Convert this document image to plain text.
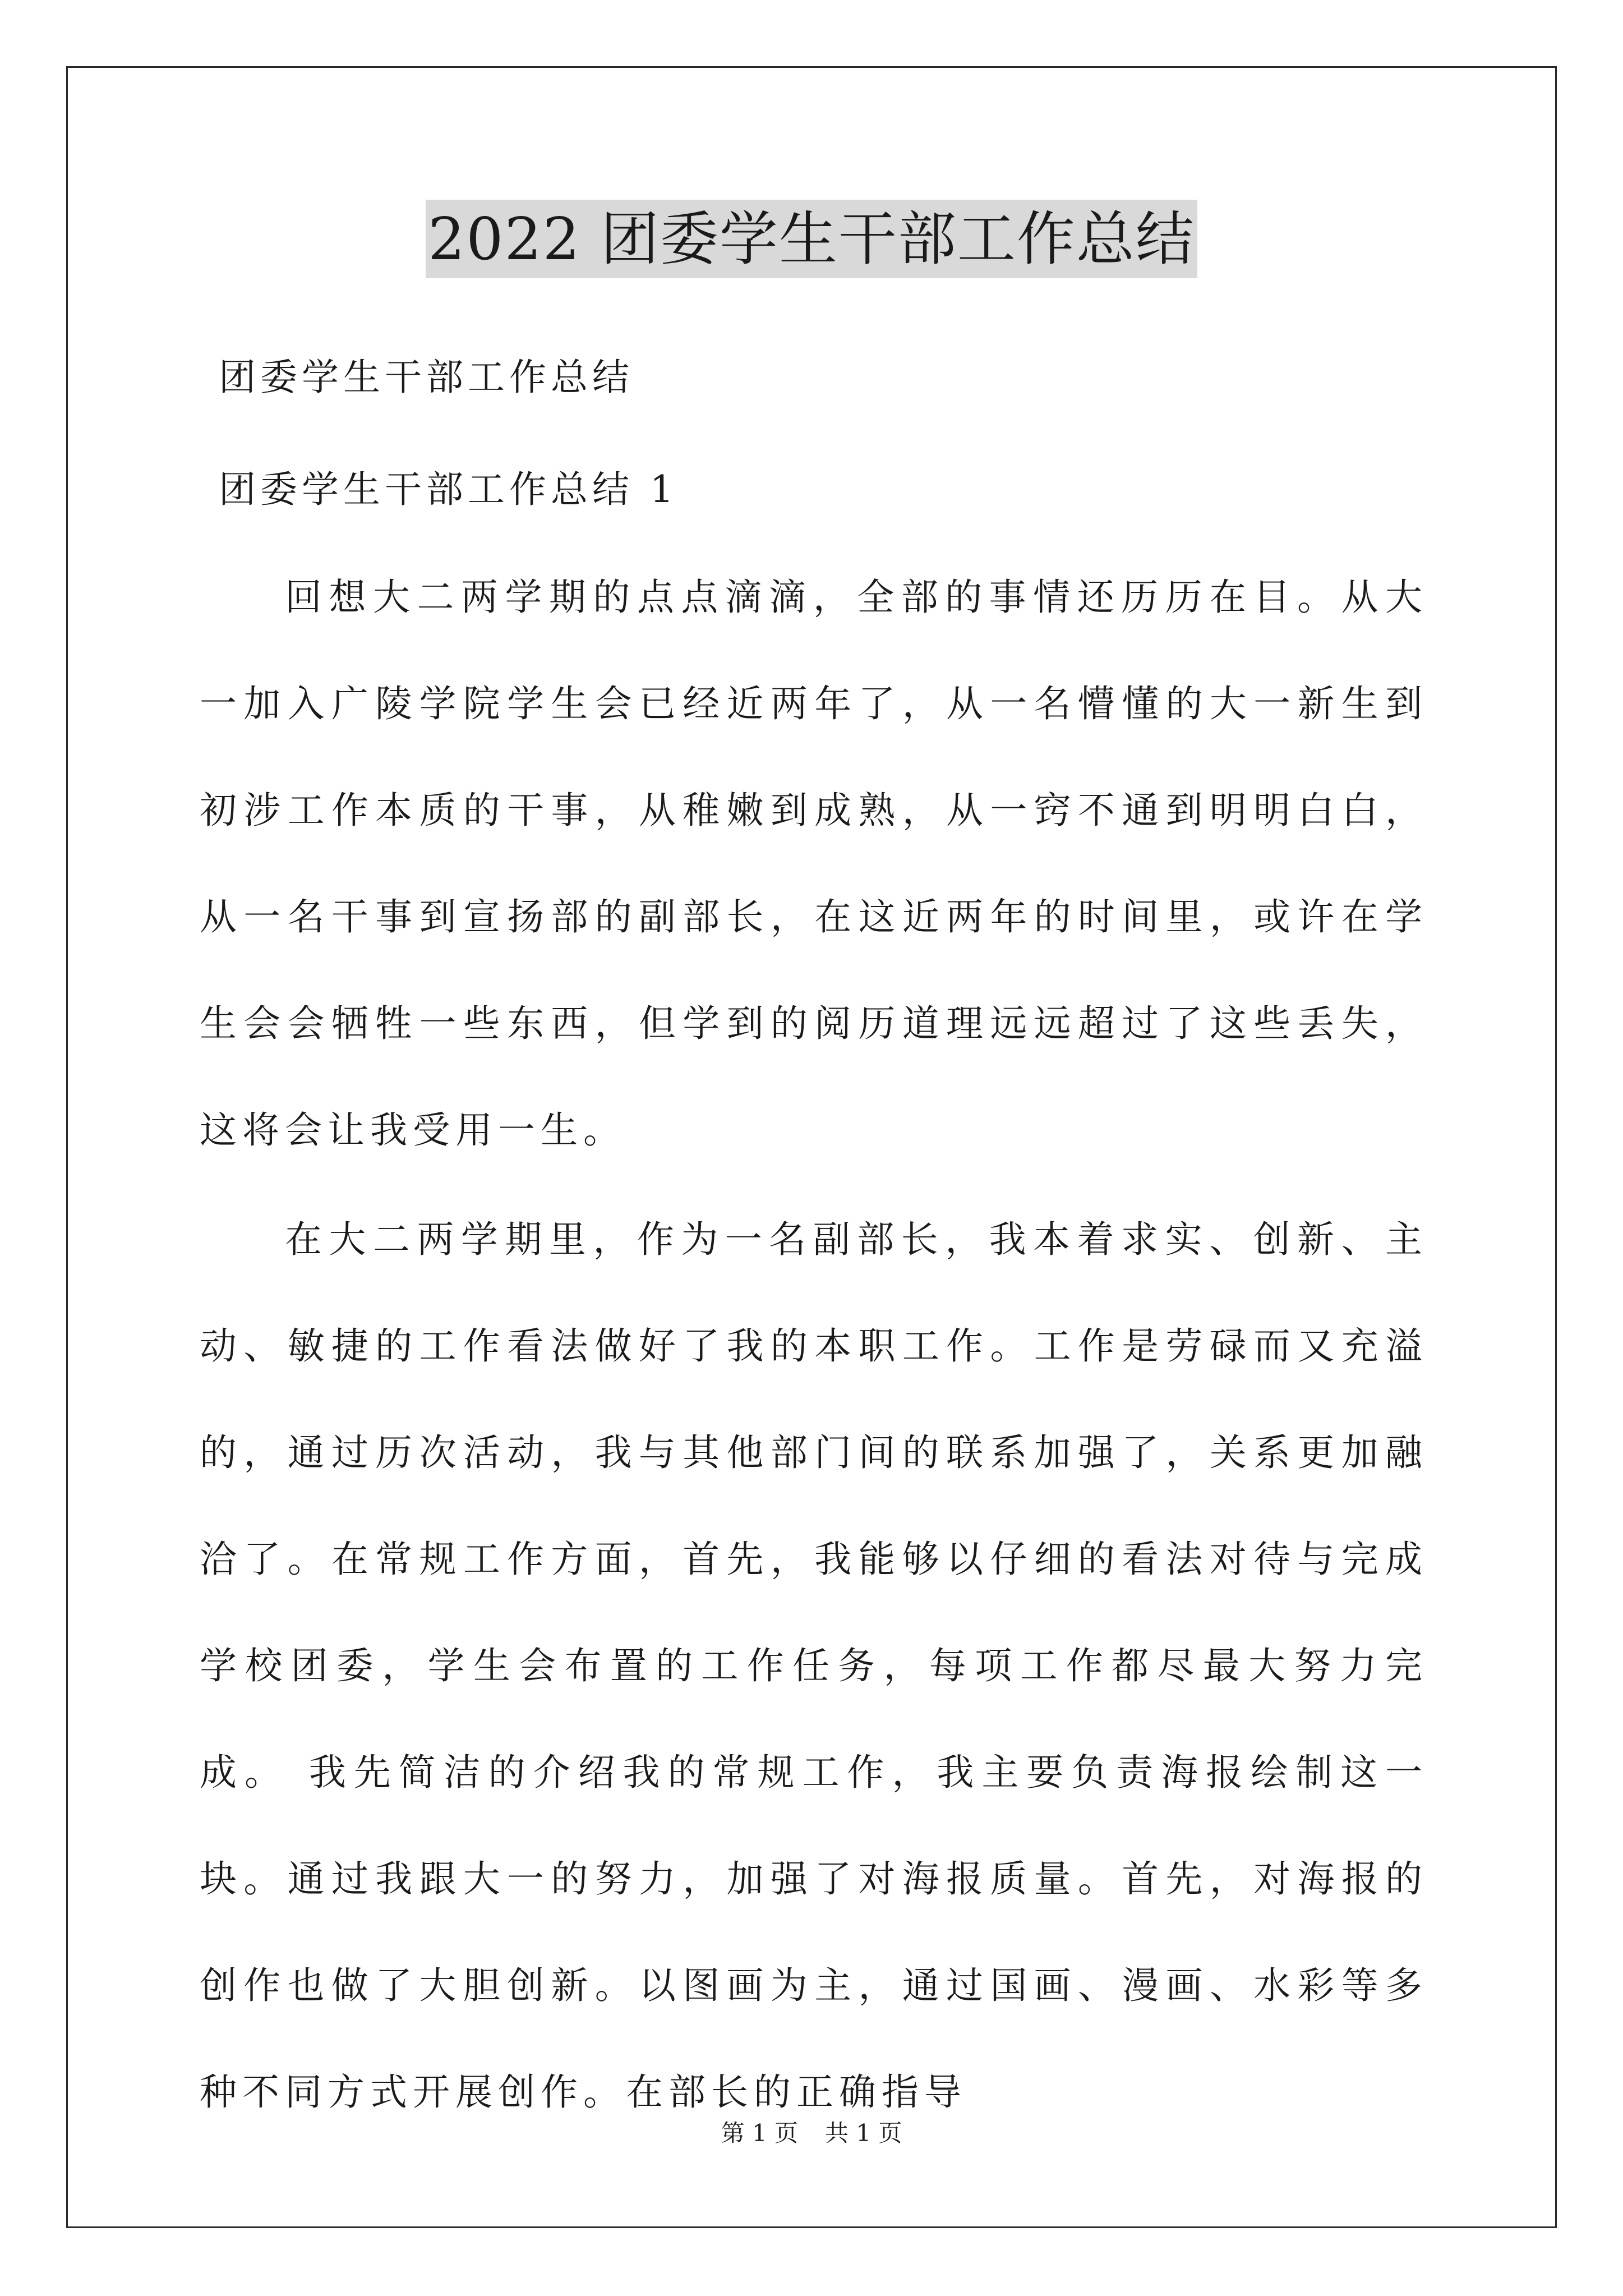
2022 团委学生干部工作总结
团委学生干部工作总结
团委学生干部工作总结 1

回想大二两学期的点点滴滴，全部的事情还历历在目。从大一加入广陵学院学生会已经近两年了，从一名懵懂的大一新生到初涉工作本质的干事，从稚嫩到成熟，从一窍不通到明明白白，从一名干事到宣扬部的副部长，在这近两年的时间里，或许在学生会会牺牲一些东西，但学到的阅历道理远远超过了这些丢失，这将会让我受用一生。

在大二两学期里，作为一名副部长，我本着求实、创新、主动、敏捷的工作看法做好了我的本职工作。工作是劳碌而又充溢的，通过历次活动，我与其他部门间的联系加强了，关系更加融洽了。在常规工作方面，首先，我能够以仔细的看法对待与完成学校团委，学生会布置的工作任务，每项工作都尽最大努力完成。 我先简洁的介绍我的常规工作，我主要负责海报绘制这一块。通过我跟大一的努力，加强了对海报质量。首先，对海报的创作也做了大胆创新。以图画为主，通过国画、漫画、水彩等多种不同方式开展创作。在部长的正确指导

第 1 页 共 1 页
